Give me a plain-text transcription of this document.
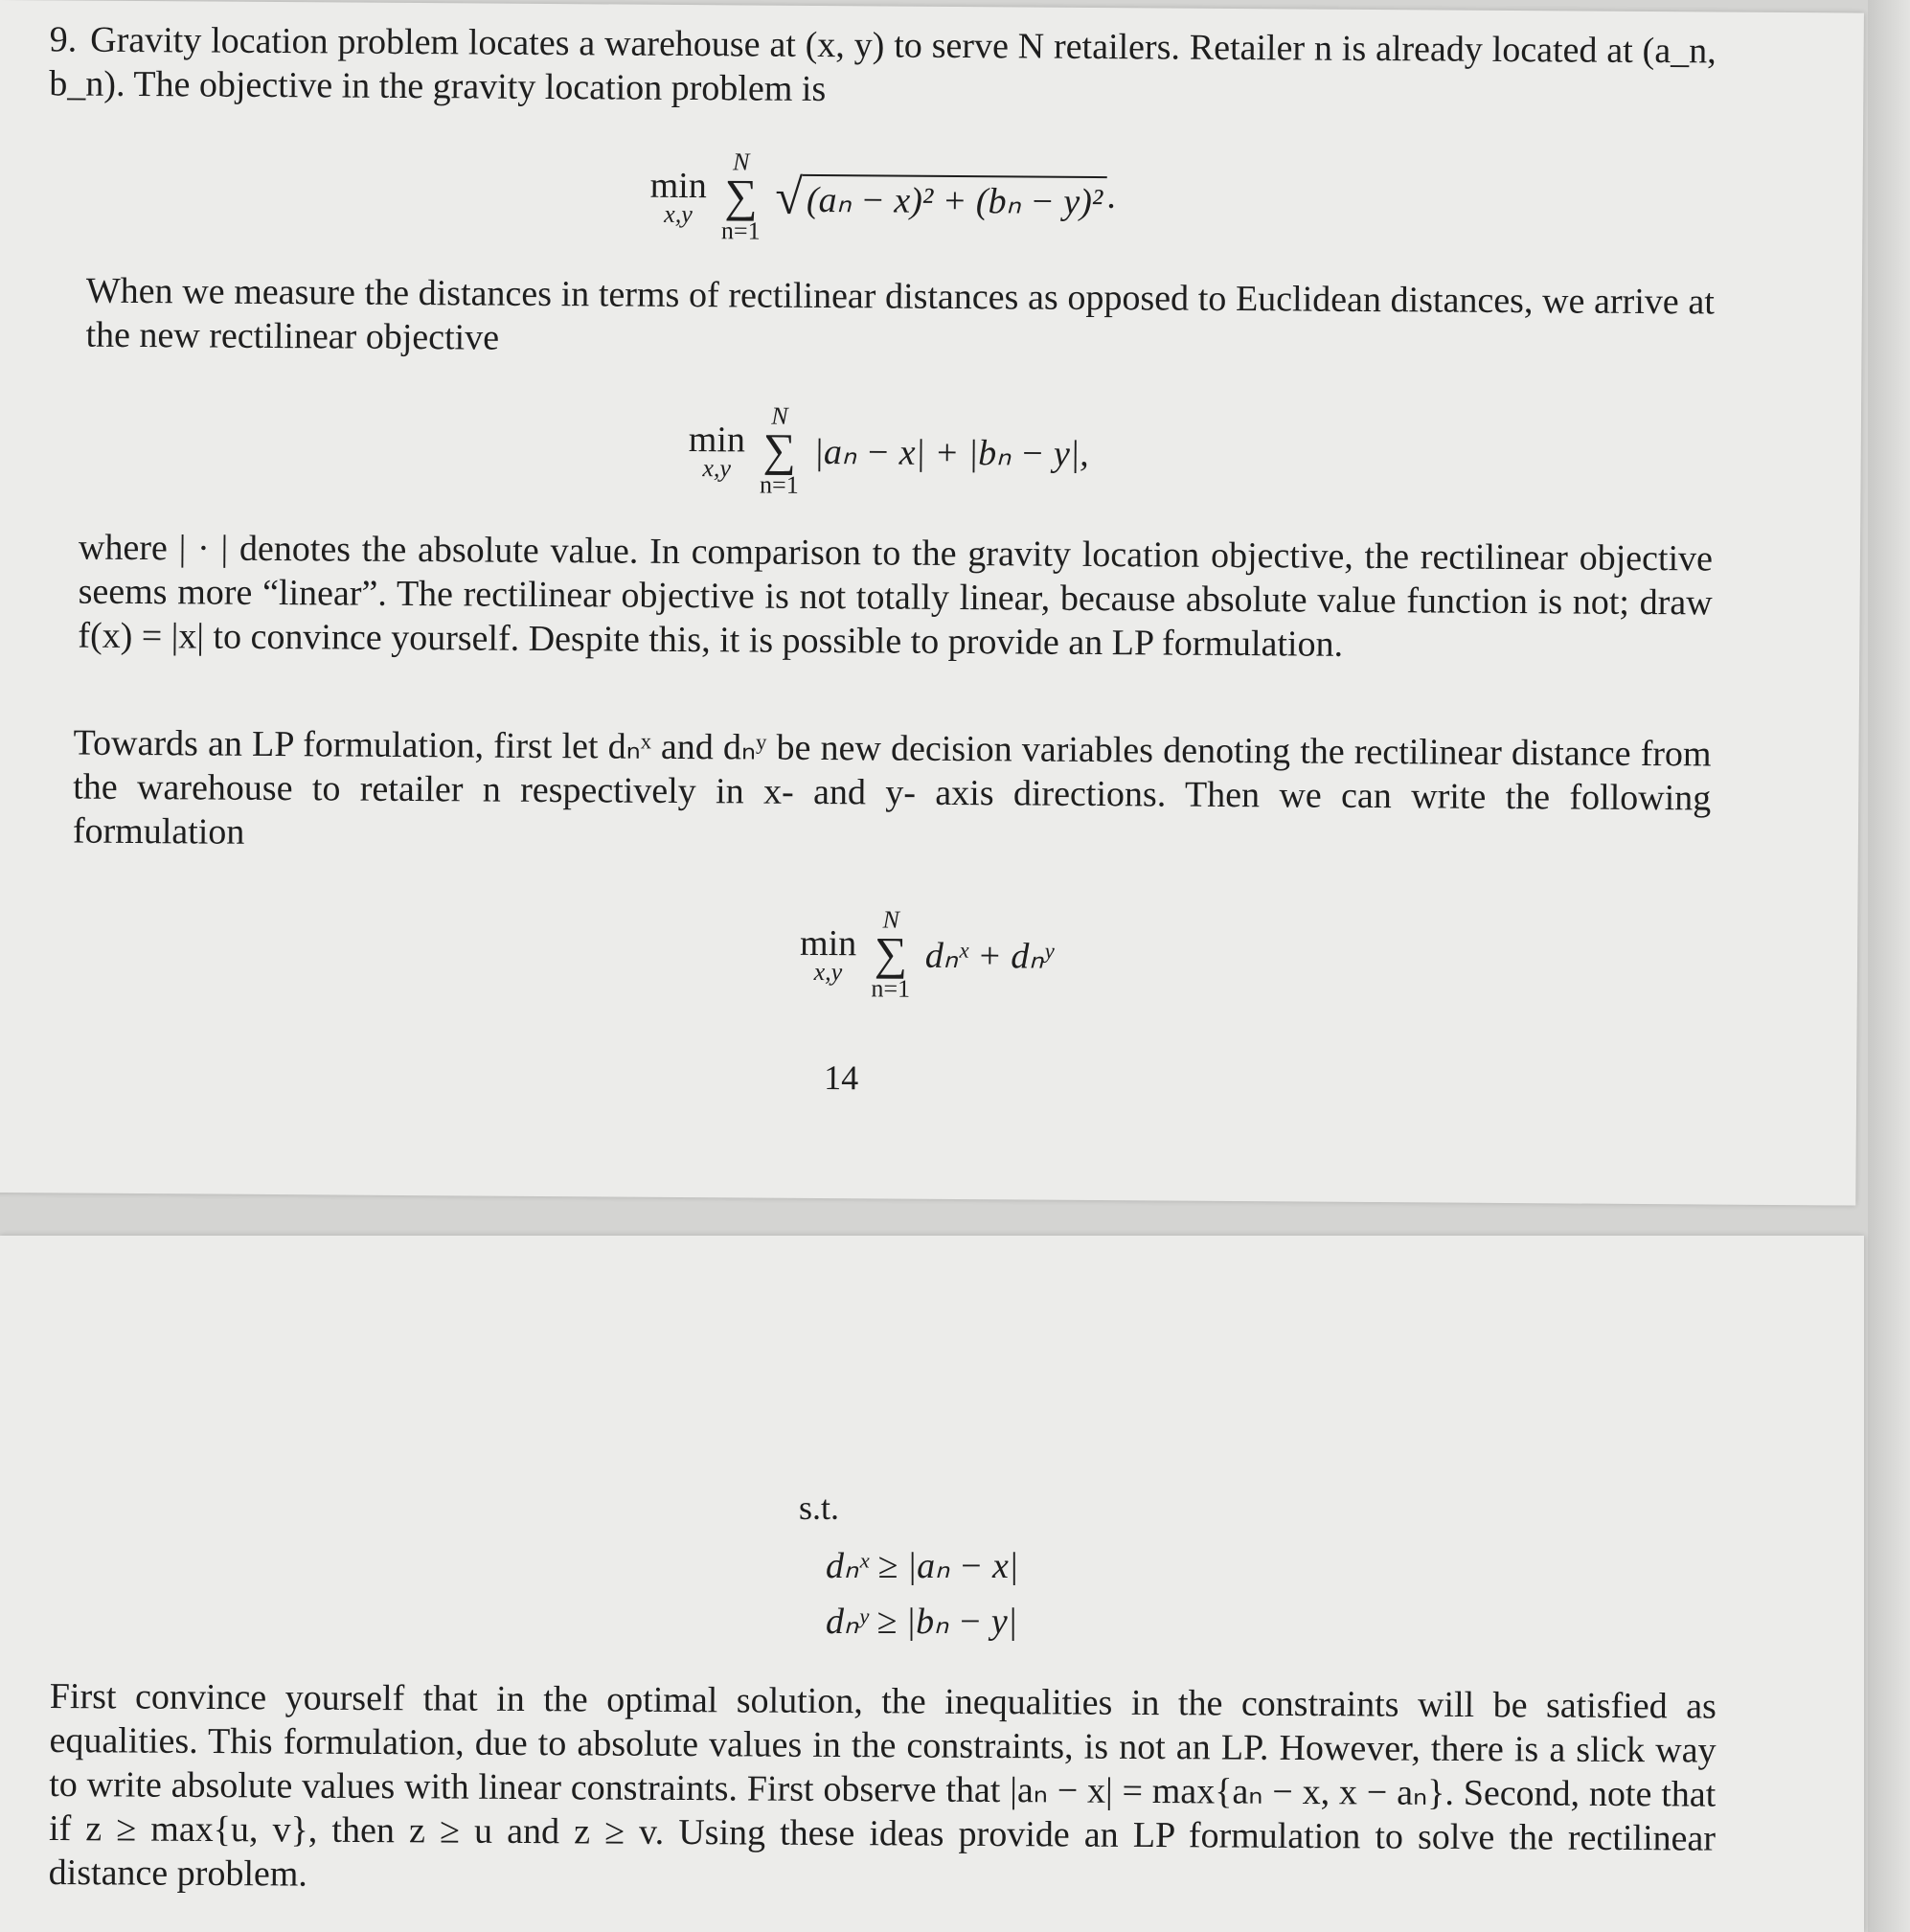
9. Gravity location problem locates a warehouse at (x, y) to serve N retailers. Retailer n is already located at (a_n, b_n). The objective in the gravity location problem is

min
x,y

N
∑
n=1
√(aₙ − x)² + (bₙ − y)².

When we measure the distances in terms of rectilinear distances as opposed to Euclidean distances, we arrive at the new rectilinear objective

min
x,y

N
∑
n=1
|aₙ − x| + |bₙ − y|,

where | · | denotes the absolute value. In comparison to the gravity location objective, the rectilinear objective seems more “linear”. The rectilinear objective is not totally linear, because absolute value function is not; draw f(x) = |x| to convince yourself. Despite this, it is possible to provide an LP formulation.

Towards an LP formulation, first let dₙˣ and dₙʸ be new decision variables denoting the rectilinear distance from the warehouse to retailer n respectively in x- and y- axis directions. Then we can write the following formulation

min
x,y

N
∑
n=1
dₙˣ + dₙʸ
14
s.t.
dₙˣ ≥ |aₙ − x|
dₙʸ ≥ |bₙ − y|

First convince yourself that in the optimal solution, the inequalities in the constraints will be satisfied as equalities. This formulation, due to absolute values in the constraints, is not an LP. However, there is a slick way to write absolute values with linear constraints. First observe that |aₙ − x| = max{aₙ − x, x − aₙ}. Second, note that if z ≥ max{u, v}, then z ≥ u and z ≥ v. Using these ideas provide an LP formulation to solve the rectilinear distance problem.
